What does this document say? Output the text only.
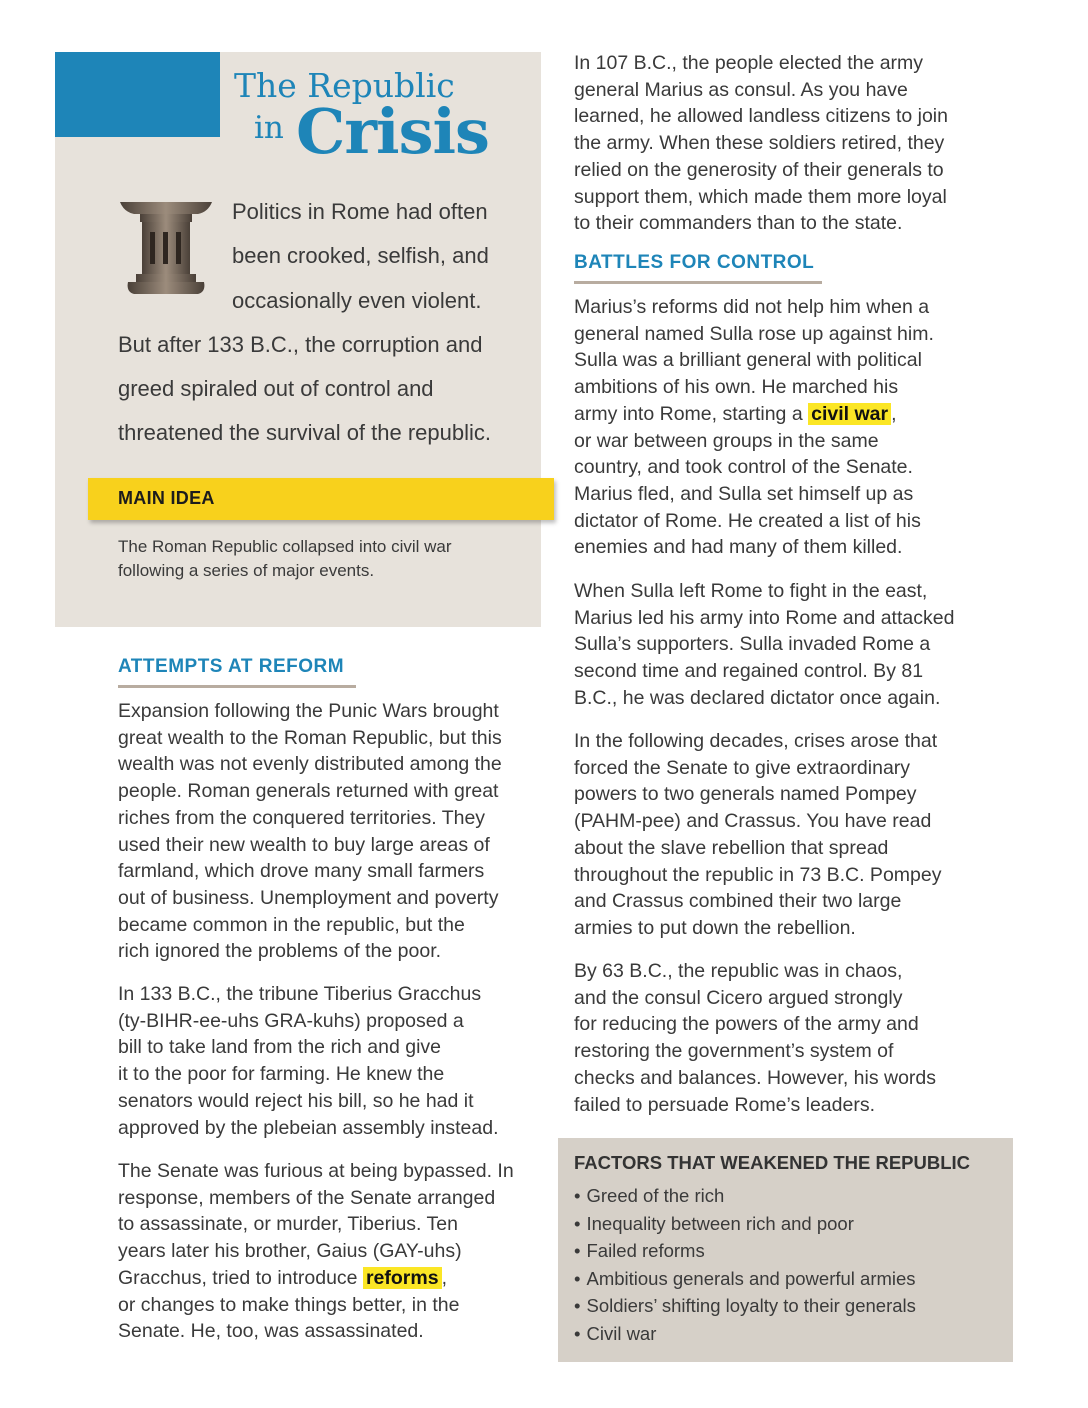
The Republic
in Crisis
Politics in Rome had often
been crooked, selfish, and
occasionally even violent.
But after 133 B.C., the corruption and
greed spiraled out of control and
threatened the survival of the republic.
MAIN IDEA
The Roman Republic collapsed into civil war
following a series of major events.
ATTEMPTS AT REFORM
Expansion following the Punic Wars brought
great wealth to the Roman Republic, but this
wealth was not evenly distributed among the
people. Roman generals returned with great
riches from the conquered territories. They
used their new wealth to buy large areas of
farmland, which drove many small farmers
out of business. Unemployment and poverty
became common in the republic, but the
rich ignored the problems of the poor.
In 133 B.C., the tribune Tiberius Gracchus
(ty-BIHR-ee-uhs GRA-kuhs) proposed a
bill to take land from the rich and give
it to the poor for farming. He knew the
senators would reject his bill, so he had it
approved by the plebeian assembly instead.
The Senate was furious at being bypassed. In
response, members of the Senate arranged
to assassinate, or murder, Tiberius. Ten
years later his brother, Gaius (GAY-uhs)
Gracchus, tried to introduce reforms ,
or changes to make things better, in the
Senate. He, too, was assassinated.
In 107 B.C., the people elected the army
general Marius as consul. As you have
learned, he allowed landless citizens to join
the army. When these soldiers retired, they
relied on the generosity of their generals to
support them, which made them more loyal
to their commanders than to the state.
BATTLES FOR CONTROL
Marius’s reforms did not help him when a
general named Sulla rose up against him.
Sulla was a brilliant general with political
ambitions of his own. He marched his
army into Rome, starting a civil war ,
or war between groups in the same
country, and took control of the Senate.
Marius fled, and Sulla set himself up as
dictator of Rome. He created a list of his
enemies and had many of them killed.
When Sulla left Rome to fight in the east,
Marius led his army into Rome and attacked
Sulla’s supporters. Sulla invaded Rome a
second time and regained control. By 81
B.C., he was declared dictator once again.
In the following decades, crises arose that
forced the Senate to give extraordinary
powers to two generals named Pompey
(PAHM-pee) and Crassus. You have read
about the slave rebellion that spread
throughout the republic in 73 B.C. Pompey
and Crassus combined their two large
armies to put down the rebellion.
By 63 B.C., the republic was in chaos,
and the consul Cicero argued strongly
for reducing the powers of the army and
restoring the government’s system of
checks and balances. However, his words
failed to persuade Rome’s leaders.
FACTORS THAT WEAKENED THE REPUBLIC
• Greed of the rich
• Inequality between rich and poor
• Failed reforms
• Ambitious generals and powerful armies
• Soldiers’ shifting loyalty to their generals
• Civil war
